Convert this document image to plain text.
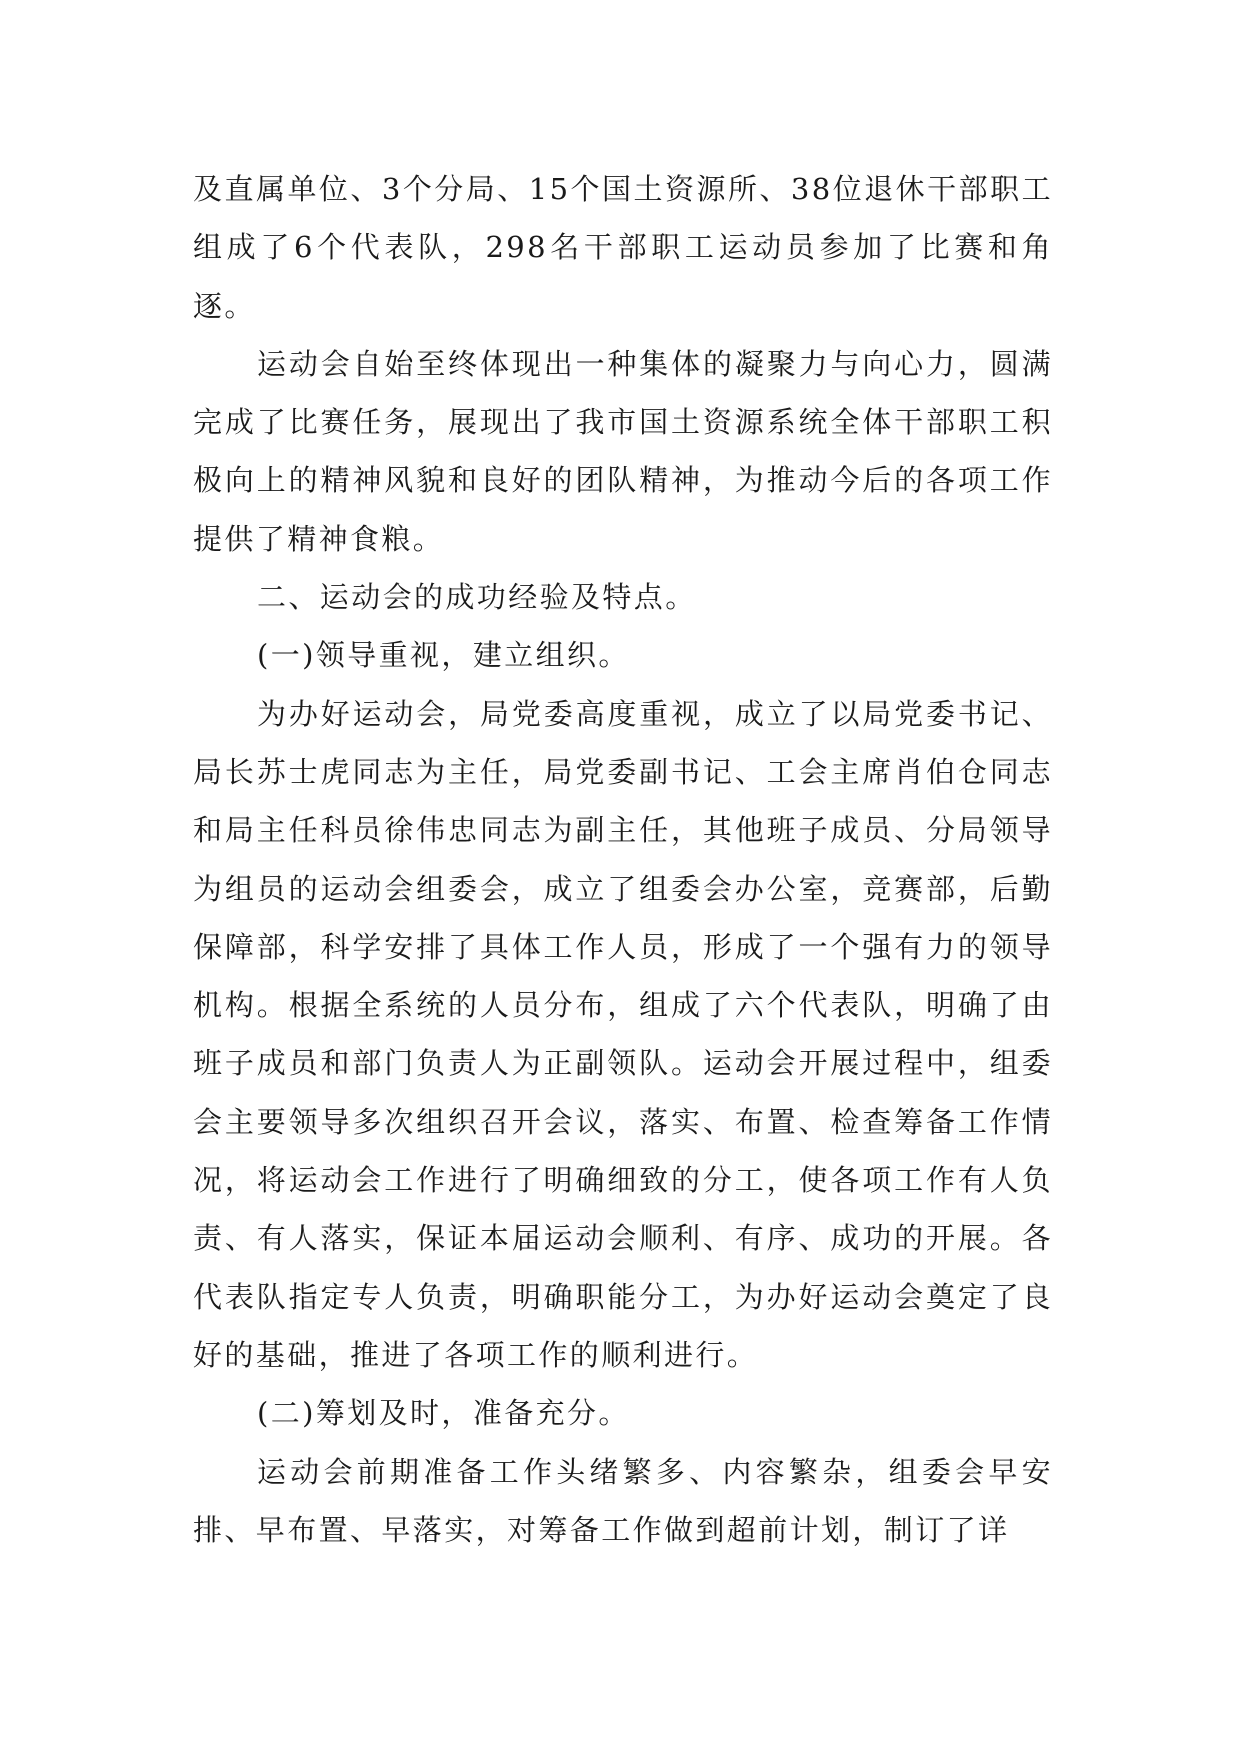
及直属单位、3个分局、15个国土资源所、38位退休干部职工组成了6个代表队，298名干部职工运动员参加了比赛和角逐。

运动会自始至终体现出一种集体的凝聚力与向心力，圆满完成了比赛任务，展现出了我市国土资源系统全体干部职工积极向上的精神风貌和良好的团队精神，为推动今后的各项工作提供了精神食粮。

二、运动会的成功经验及特点。

(一)领导重视，建立组织。

为办好运动会，局党委高度重视，成立了以局党委书记、局长苏士虎同志为主任，局党委副书记、工会主席肖伯仓同志和局主任科员徐伟忠同志为副主任，其他班子成员、分局领导为组员的运动会组委会，成立了组委会办公室，竞赛部，后勤保障部，科学安排了具体工作人员，形成了一个强有力的领导机构。根据全系统的人员分布，组成了六个代表队，明确了由班子成员和部门负责人为正副领队。运动会开展过程中，组委会主要领导多次组织召开会议，落实、布置、检查筹备工作情况，将运动会工作进行了明确细致的分工，使各项工作有人负责、有人落实，保证本届运动会顺利、有序、成功的开展。各代表队指定专人负责，明确职能分工，为办好运动会奠定了良好的基础，推进了各项工作的顺利进行。

(二)筹划及时，准备充分。

运动会前期准备工作头绪繁多、内容繁杂，组委会早安排、早布置、早落实，对筹备工作做到超前计划，制订了详
